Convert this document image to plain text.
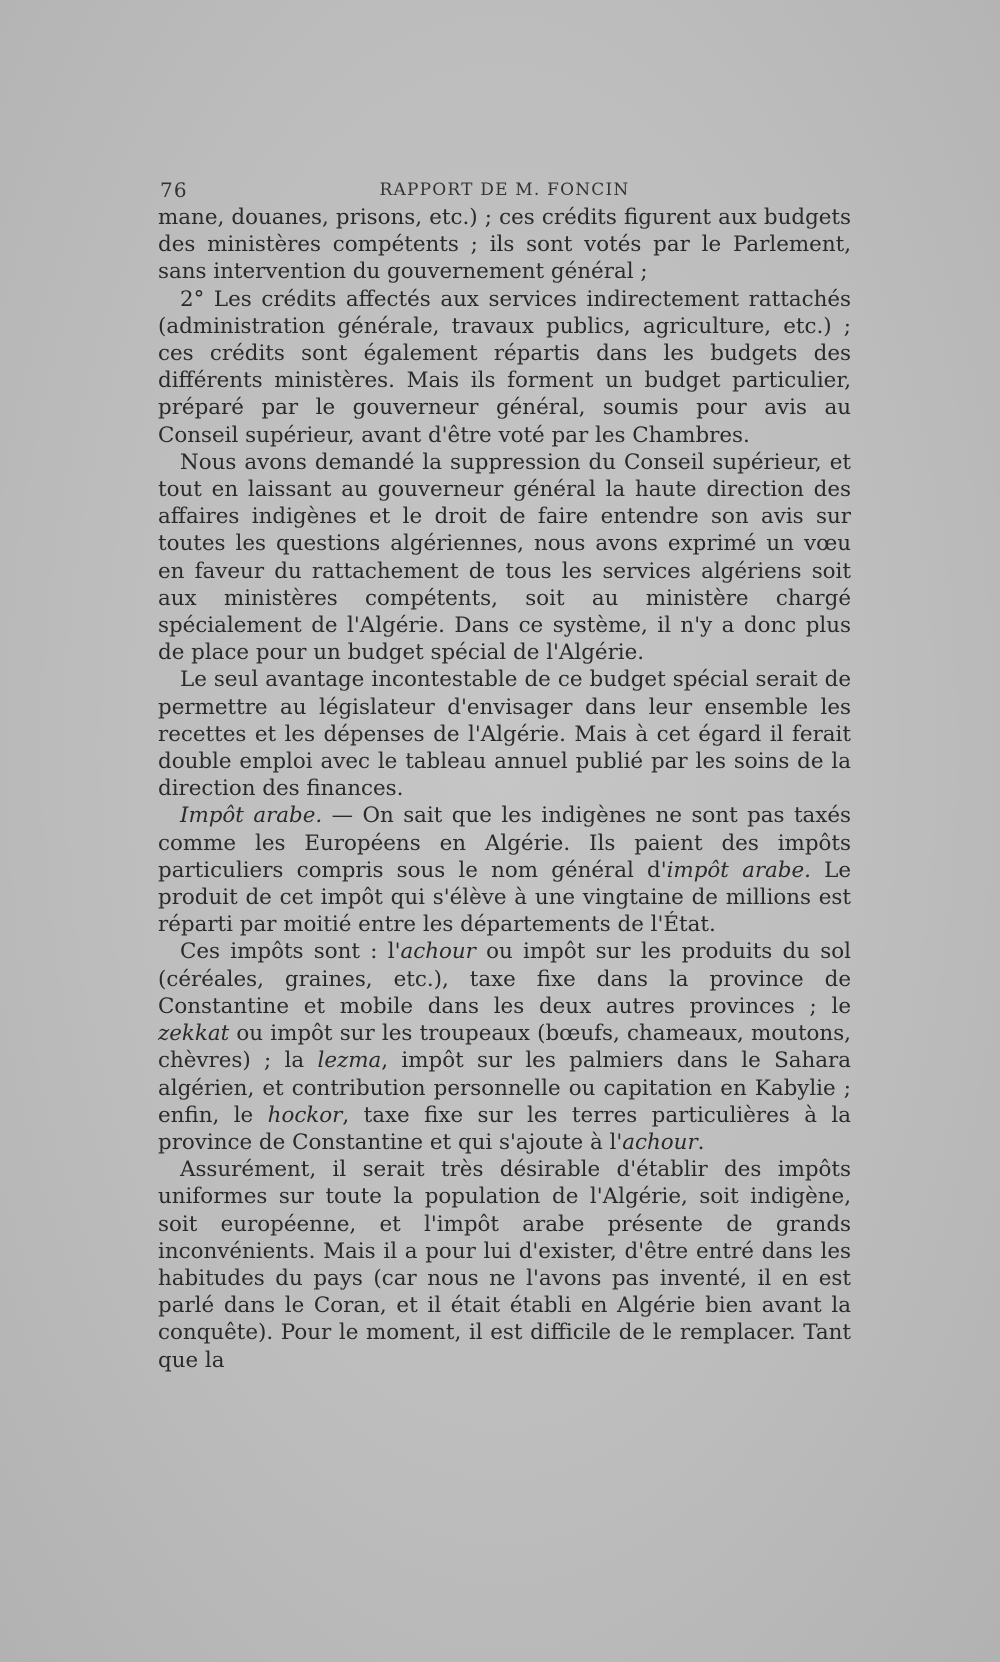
76	RAPPORT DE M. FONCIN

mane, douanes, prisons, etc.) ; ces crédits figurent aux budgets des ministères compétents ; ils sont votés par le Parlement, sans intervention du gouvernement général ;

2° Les crédits affectés aux services indirectement rattachés (administration générale, travaux publics, agriculture, etc.) ; ces crédits sont également répartis dans les budgets des différents ministères. Mais ils forment un budget particulier, préparé par le gouverneur général, soumis pour avis au Conseil supérieur, avant d'être voté par les Chambres.

Nous avons demandé la suppression du Conseil supérieur, et tout en laissant au gouverneur général la haute direction des affaires indigènes et le droit de faire entendre son avis sur toutes les questions algériennes, nous avons exprimé un vœu en faveur du rattachement de tous les services algériens soit aux ministères compétents, soit au ministère chargé spécialement de l'Algérie. Dans ce système, il n'y a donc plus de place pour un budget spécial de l'Algérie.

Le seul avantage incontestable de ce budget spécial serait de permettre au législateur d'envisager dans leur ensemble les recettes et les dépenses de l'Algérie. Mais à cet égard il ferait double emploi avec le tableau annuel publié par les soins de la direction des finances.

Impôt arabe. — On sait que les indigènes ne sont pas taxés comme les Européens en Algérie. Ils paient des impôts particuliers compris sous le nom général d'impôt arabe. Le produit de cet impôt qui s'élève à une vingtaine de millions est réparti par moitié entre les départements de l'État.

Ces impôts sont : l'achour ou impôt sur les produits du sol (céréales, graines, etc.), taxe fixe dans la province de Constantine et mobile dans les deux autres provinces ; le zekkat ou impôt sur les troupeaux (bœufs, chameaux, moutons, chèvres) ; la lezma, impôt sur les palmiers dans le Sahara algérien, et contribution personnelle ou capitation en Kabylie ; enfin, le hockor, taxe fixe sur les terres particulières à la province de Constantine et qui s'ajoute à l'achour.

Assurément, il serait très désirable d'établir des impôts uniformes sur toute la population de l'Algérie, soit indigène, soit européenne, et l'impôt arabe présente de grands inconvénients. Mais il a pour lui d'exister, d'être entré dans les habitudes du pays (car nous ne l'avons pas inventé, il en est parlé dans le Coran, et il était établi en Algérie bien avant la conquête). Pour le moment, il est difficile de le remplacer. Tant que la
